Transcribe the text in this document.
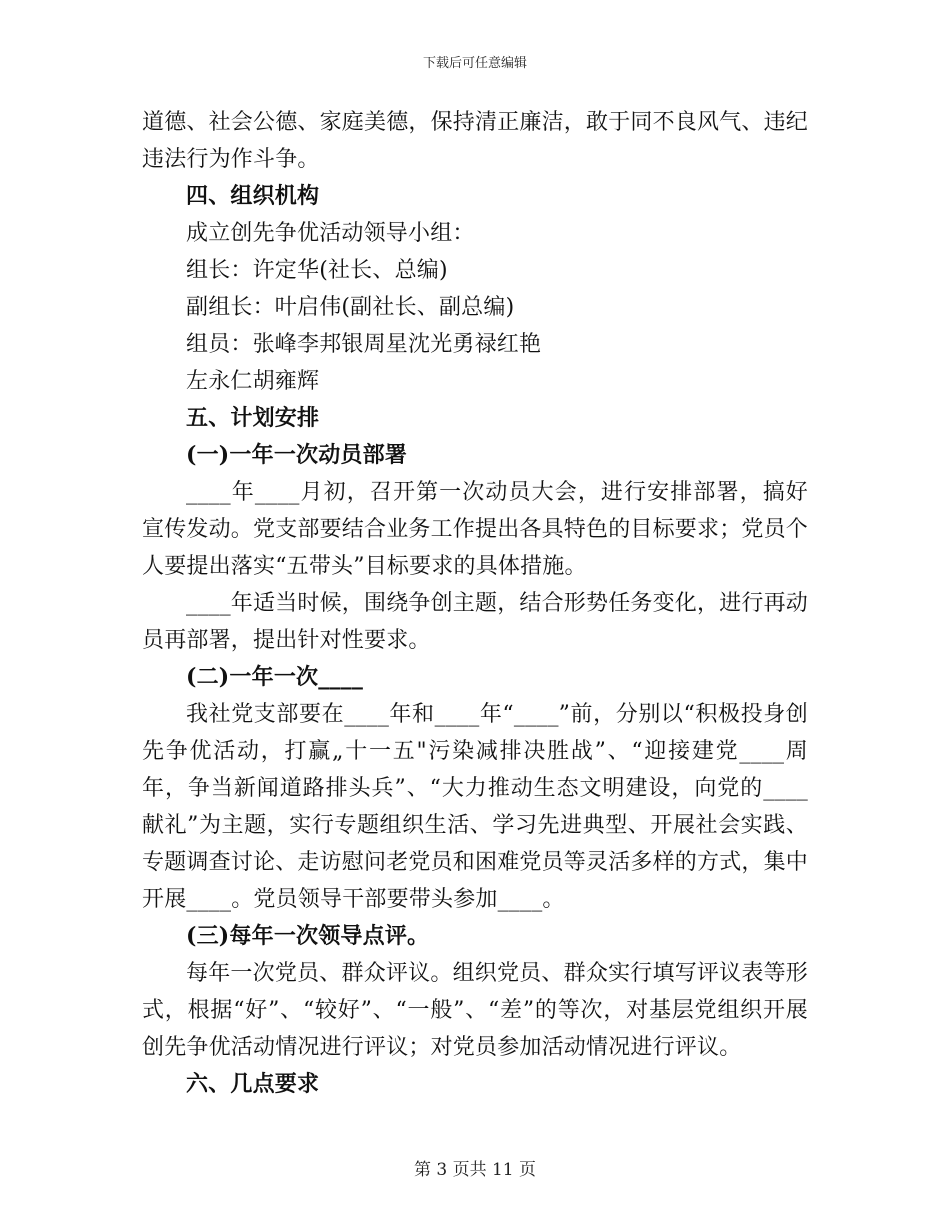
下载后可任意编辑

道德、社会公德、家庭美德，保持清正廉洁，敢于同不良风气、违纪违法行为作斗争。

四、组织机构

成立创先争优活动领导小组：

组长：许定华(社长、总编)

副组长：叶启伟(副社长、副总编)

组员：张峰李邦银周星沈光勇禄红艳

左永仁胡雍辉

五、计划安排

(一)一年一次动员部署

____年____月初，召开第一次动员大会，进行安排部署，搞好宣传发动。党支部要结合业务工作提出各具特色的目标要求；党员个人要提出落实“五带头”目标要求的具体措施。

____年适当时候，围绕争创主题，结合形势任务变化，进行再动员再部署，提出针对性要求。

(二)一年一次____

我社党支部要在____年和____年“____”前，分别以“积极投身创先争优活动，打赢„十一五"污染减排决胜战”、“迎接建党____周年，争当新闻道路排头兵”、“大力推动生态文明建设，向党的____献礼”为主题，实行专题组织生活、学习先进典型、开展社会实践、专题调查讨论、走访慰问老党员和困难党员等灵活多样的方式，集中开展____。党员领导干部要带头参加____。

(三)每年一次领导点评。

每年一次党员、群众评议。组织党员、群众实行填写评议表等形式，根据“好”、“较好”、“一般”、“差”的等次，对基层党组织开展创先争优活动情况进行评议；对党员参加活动情况进行评议。

六、几点要求

第 3 页共 11 页
